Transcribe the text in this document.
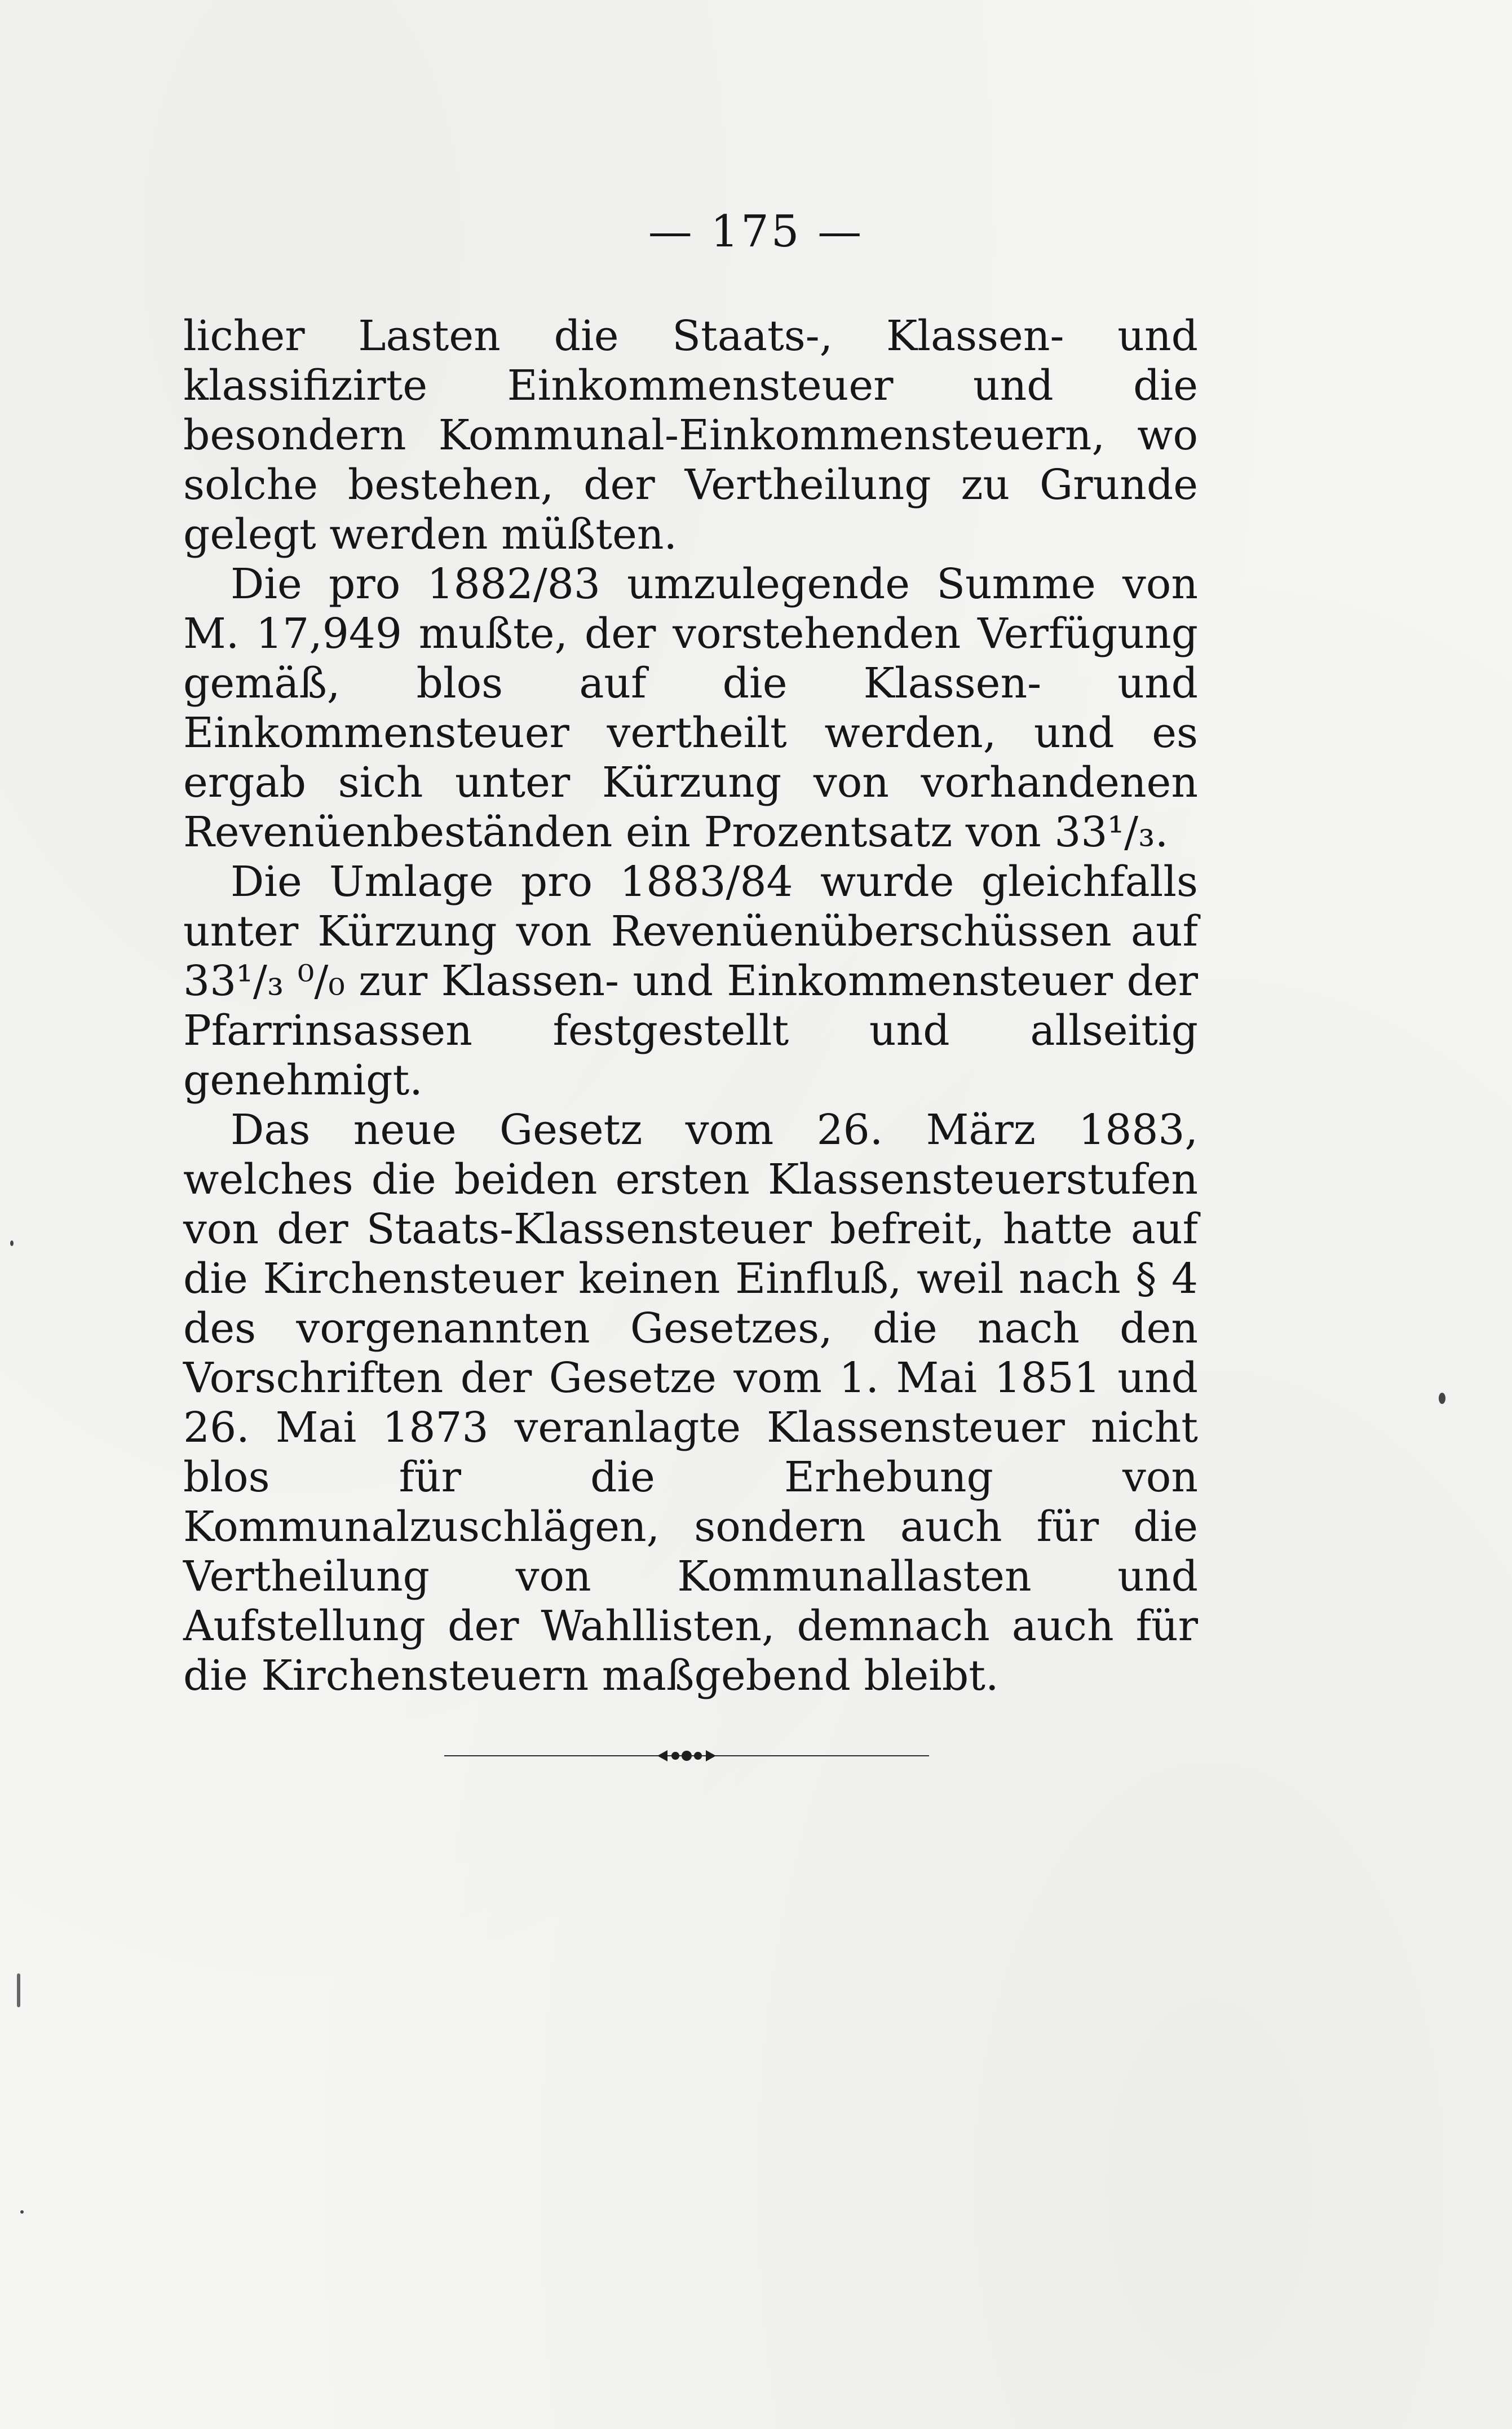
— 175 —

licher Lasten die Staats-, Klassen- und klassifizirte Einkommensteuer und die besondern Kommunal-Einkommensteuern, wo solche bestehen, der Vertheilung zu Grunde gelegt werden müßten.

Die pro 1882/83 umzulegende Summe von M. 17,949 mußte, der vorstehenden Verfügung gemäß, blos auf die Klassen- und Einkommensteuer vertheilt werden, und es ergab sich unter Kürzung von vorhandenen Revenüenbeständen ein Prozentsatz von 33¹/₃.

Die Umlage pro 1883/84 wurde gleichfalls unter Kürzung von Revenüenüberschüssen auf 33¹/₃ ⁰/₀ zur Klassen- und Einkommensteuer der Pfarrinsassen festgestellt und allseitig genehmigt.

Das neue Gesetz vom 26. März 1883, welches die beiden ersten Klassensteuerstufen von der Staats-Klassensteuer befreit, hatte auf die Kirchensteuer keinen Einfluß, weil nach § 4 des vorgenannten Gesetzes, die nach den Vorschriften der Gesetze vom 1. Mai 1851 und 26. Mai 1873 veranlagte Klassensteuer nicht blos für die Erhebung von Kommunalzuschlägen, sondern auch für die Vertheilung von Kommunallasten und Aufstellung der Wahllisten, demnach auch für die Kirchensteuern maßgebend bleibt.
